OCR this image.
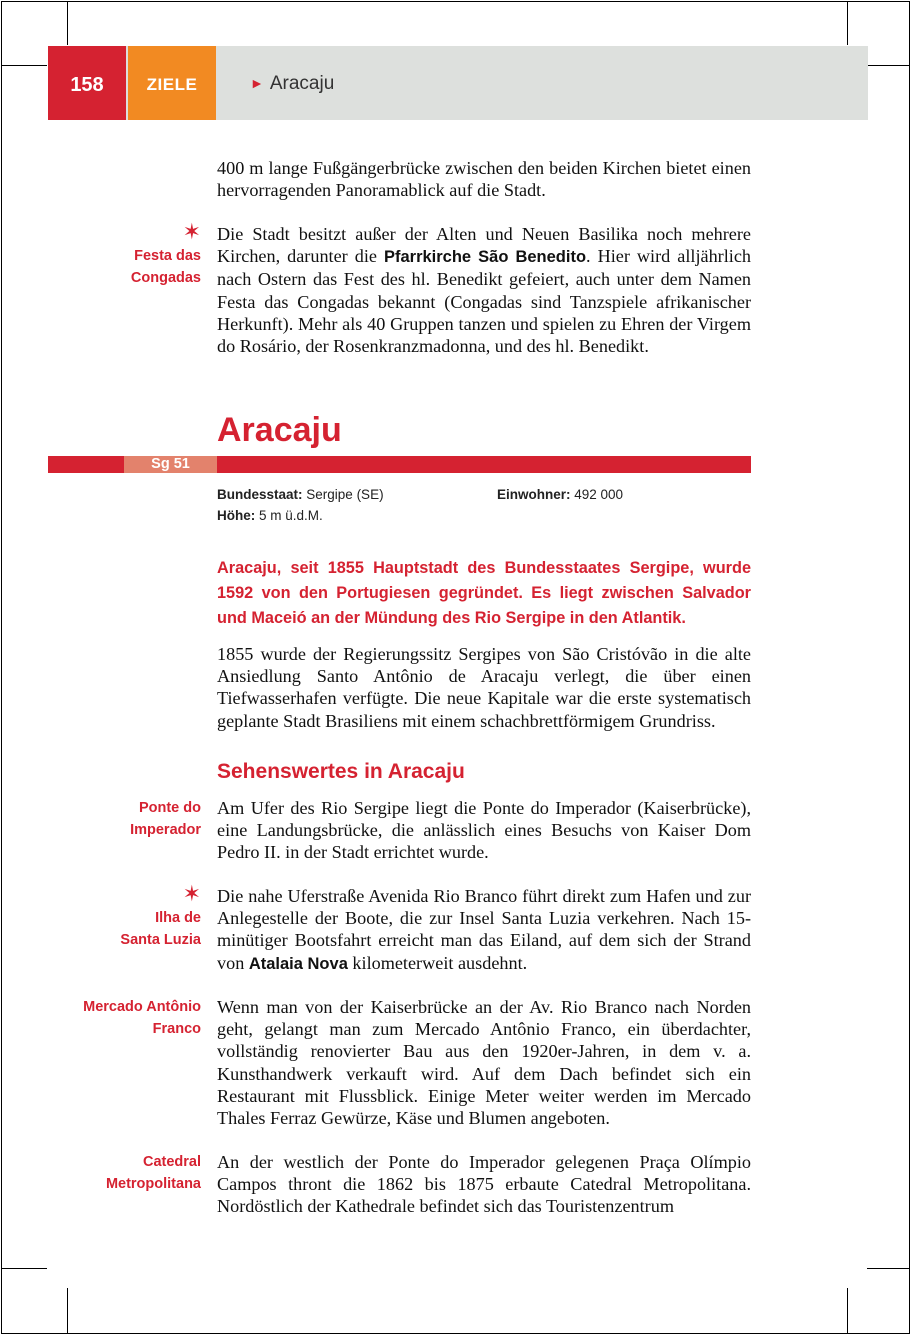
158	ZIELE	► Aracaju

400 m lange Fußgängerbrücke zwischen den beiden Kirchen bietet einen hervorragenden Panoramablick auf die Stadt.

✶
Festa das
Congadas

Die Stadt besitzt außer der Alten und Neuen Basilika noch mehrere Kirchen, darunter die Pfarrkirche São Benedito. Hier wird alljährlich nach Ostern das Fest des hl. Benedikt gefeiert, auch unter dem Namen Festa das Congadas bekannt (Congadas sind Tanzspiele afrikanischer Herkunft). Mehr als 40 Gruppen tanzen und spielen zu Ehren der Virgem do Rosário, der Rosenkranzmadonna, und des hl. Benedikt.

Aracaju
Sg 51
Bundesstaat: Sergipe (SE)	Einwohner: 492 000
Höhe: 5 m ü.d.M.

Aracaju, seit 1855 Hauptstadt des Bundesstaates Sergipe, wurde 1592 von den Portugiesen gegründet. Es liegt zwischen Salvador und Maceió an der Mündung des Rio Sergipe in den Atlantik.

1855 wurde der Regierungssitz Sergipes von São Cristóvão in die alte Ansiedlung Santo Antônio de Aracaju verlegt, die über einen Tiefwasserhafen verfügte. Die neue Kapitale war die erste systematisch geplante Stadt Brasiliens mit einem schachbrettförmigem Grundriss.

Sehenswertes in Aracaju
Ponte do
Imperador

Am Ufer des Rio Sergipe liegt die Ponte do Imperador (Kaiserbrücke), eine Landungsbrücke, die anlässlich eines Besuchs von Kaiser Dom Pedro II. in der Stadt errichtet wurde.

✶
Ilha de
Santa Luzia

Die nahe Uferstraße Avenida Rio Branco führt direkt zum Hafen und zur Anlegestelle der Boote, die zur Insel Santa Luzia verkehren. Nach 15-minütiger Bootsfahrt erreicht man das Eiland, auf dem sich der Strand von Atalaia Nova kilometerweit ausdehnt.

Mercado Antônio
Franco

Wenn man von der Kaiserbrücke an der Av. Rio Branco nach Norden geht, gelangt man zum Mercado Antônio Franco, ein überdachter, vollständig renovierter Bau aus den 1920er-Jahren, in dem v. a. Kunsthandwerk verkauft wird. Auf dem Dach befindet sich ein Restaurant mit Flussblick. Einige Meter weiter werden im Mercado Thales Ferraz Gewürze, Käse und Blumen angeboten.

Catedral
Metropolitana

An der westlich der Ponte do Imperador gelegenen Praça Olímpio Campos thront die 1862 bis 1875 erbaute Catedral Metropolitana. Nordöstlich der Kathedrale befindet sich das Touristenzentrum
